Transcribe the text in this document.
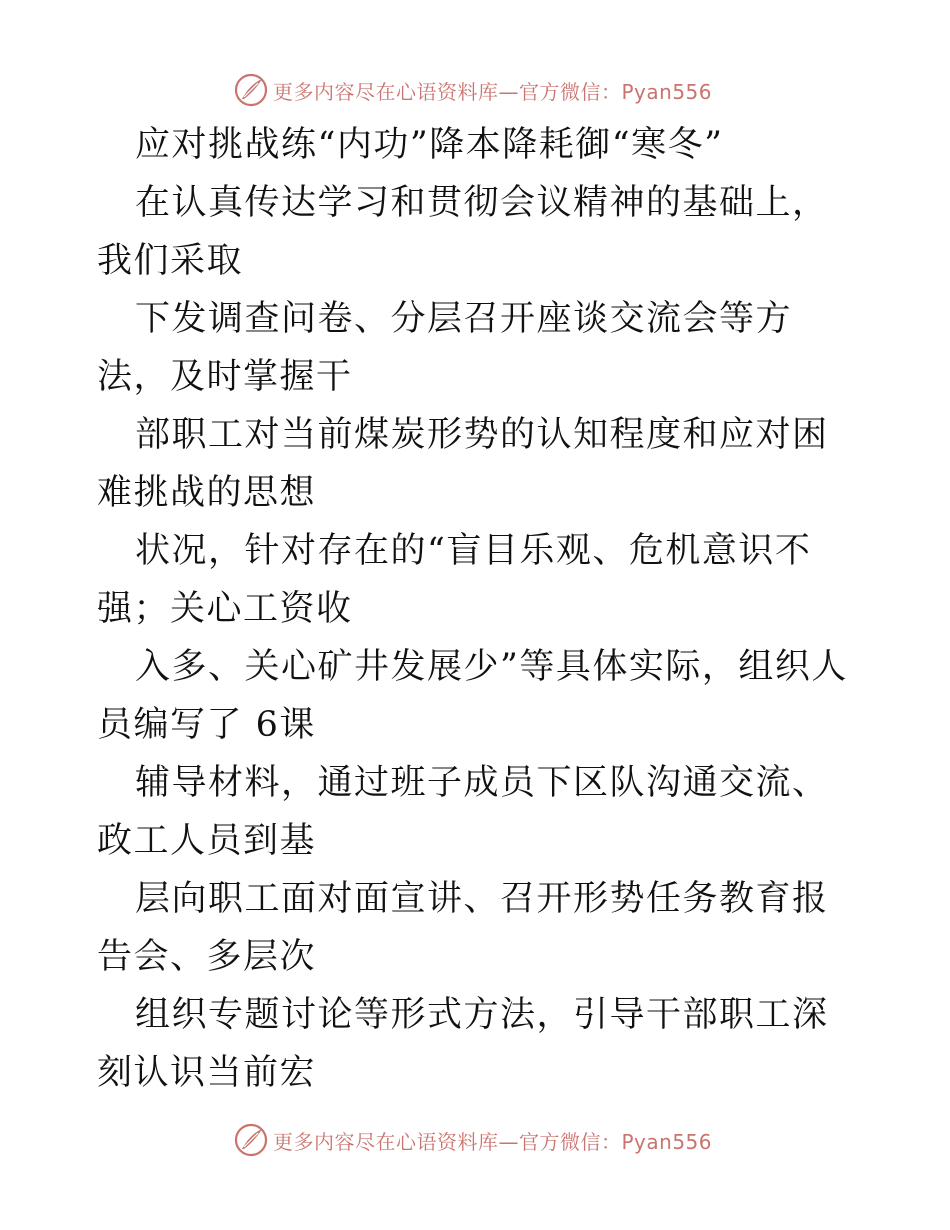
更多内容尽在心语资料库—官方微信：Pyan556

应对挑战练“内功”降本降耗御“寒冬”

在认真传达学习和贯彻会议精神的基础上，我们采取

下发调查问卷、分层召开座谈交流会等方法，及时掌握干

部职工对当前煤炭形势的认知程度和应对困难挑战的思想

状况，针对存在的“盲目乐观、危机意识不强；关心工资收

入多、关心矿井发展少”等具体实际，组织人员编写了 6课

辅导材料，通过班子成员下区队沟通交流、政工人员到基

层向职工面对面宣讲、召开形势任务教育报告会、多层次

组织专题讨论等形式方法，引导干部职工深刻认识当前宏

更多内容尽在心语资料库—官方微信：Pyan556
